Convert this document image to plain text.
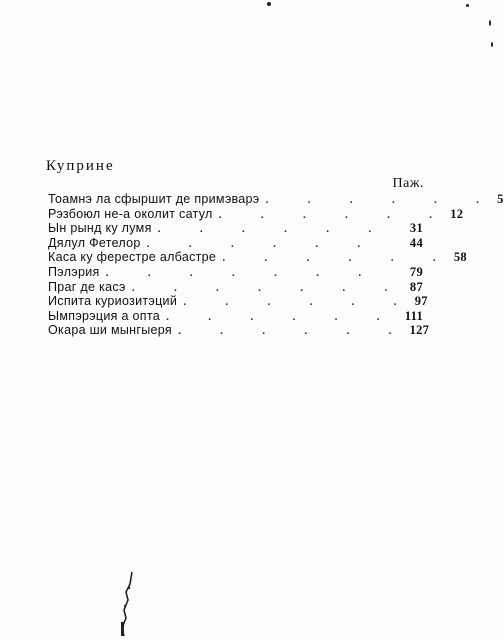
Куприне
Паж.
Тоамнэ ла сфыршит де примэварэ . . . . . . 5
Рэзбоюл не-а околит сатул . . . . . . 12
Ын рынд ку лумя . . . . . .	31
Дялул Фетелор . . . . . .	44
Каса ку ферестре албастре . . . . . . 58
Пэлэрия . . . . . . .	79
Праг де касэ . . . . . . . 87
Испита куриозитэций . . . . . . 97
Ымпэрэция а опта . . . . . . 111
Окара ши мынгыеря . . . . . . 127
